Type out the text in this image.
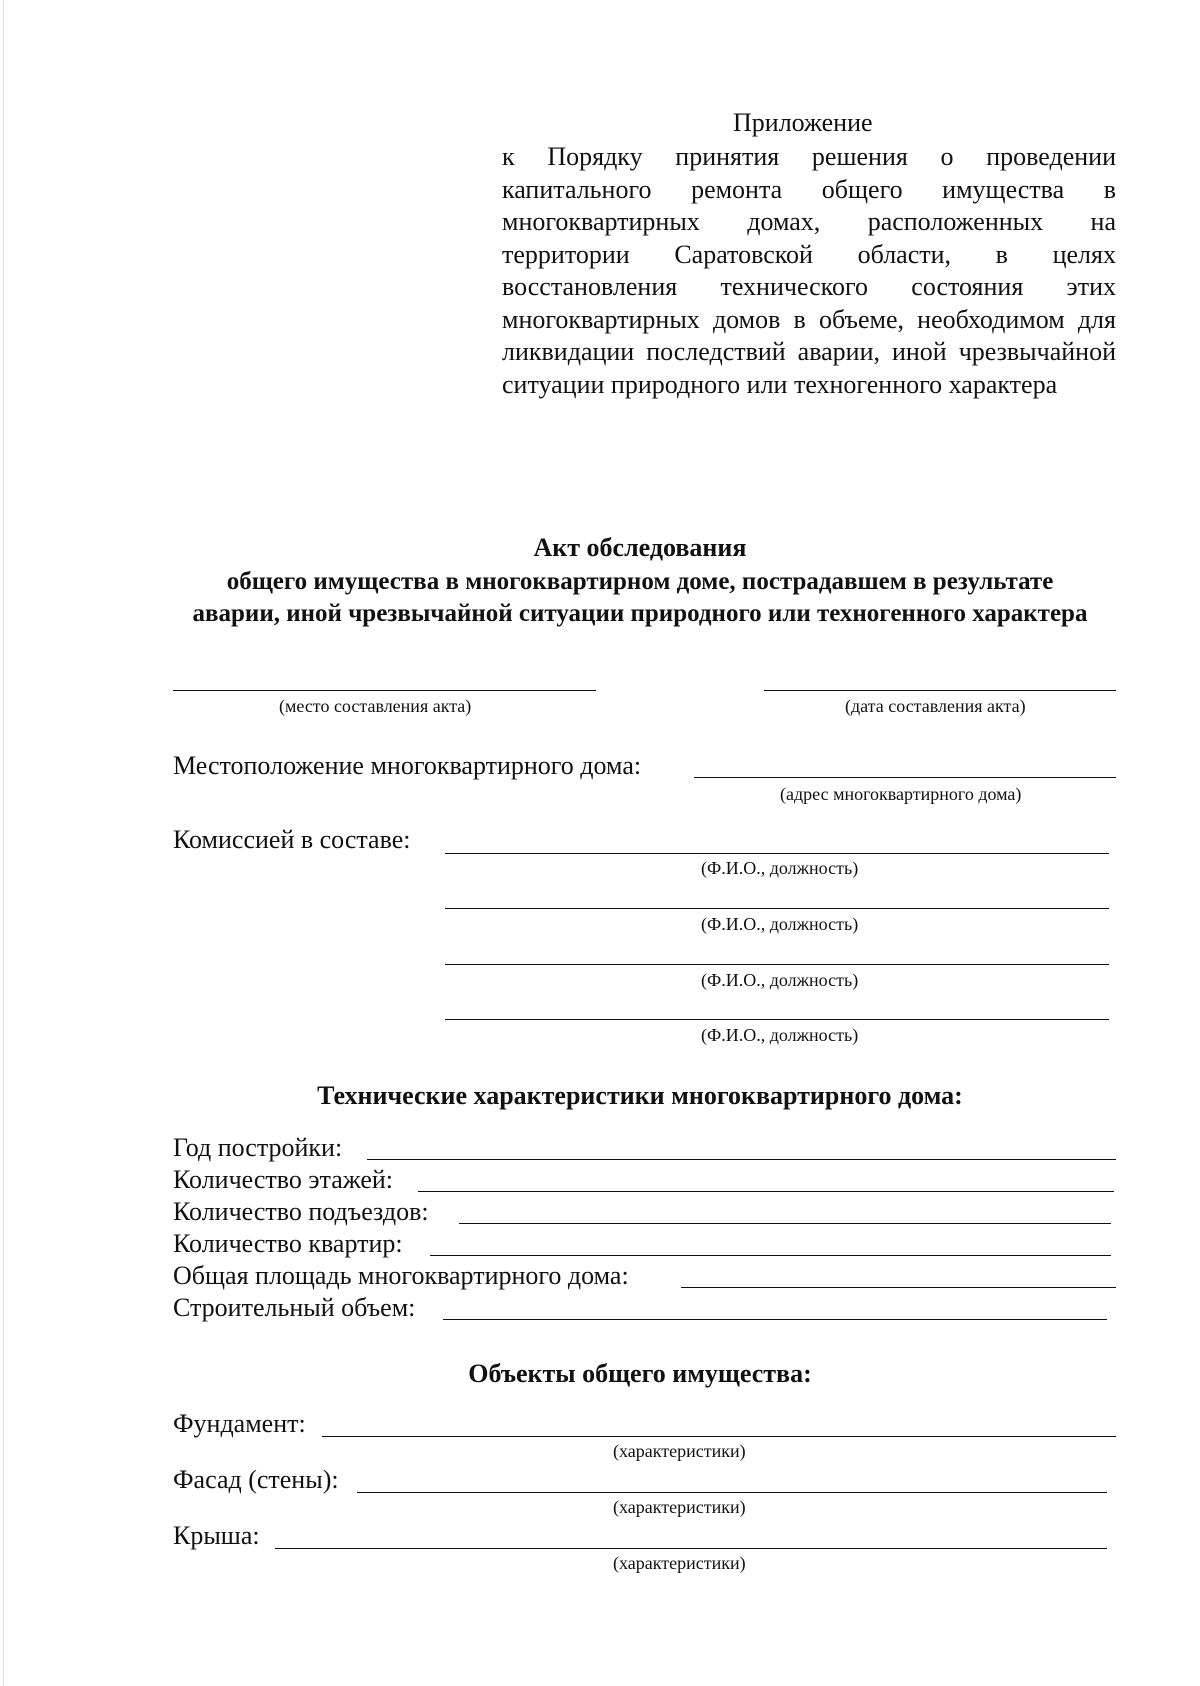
Приложение
к Порядку принятия решения о проведении капитального ремонта общего имущества в многоквартирных домах, расположенных на территории Саратовской области, в целях восстановления технического состояния этих многоквартирных домов в объеме, необходимом для ликвидации последствий аварии, иной чрезвычайной ситуации природного или техногенного характера
Акт обследования
общего имущества в многоквартирном доме, пострадавшем в результате
аварии, иной чрезвычайной ситуации природного или техногенного характера
(место составления акта)	(дата составления акта)
Местоположение многоквартирного дома:
(адрес многоквартирного дома)
Комиссией в составе:
(Ф.И.О., должность)
(Ф.И.О., должность)
(Ф.И.О., должность)
(Ф.И.О., должность)
Технические характеристики многоквартирного дома:
Год постройки:
Количество этажей:
Количество подъездов:
Количество квартир:
Общая площадь многоквартирного дома:
Строительный объем:
Объекты общего имущества:
Фундамент:
(характеристики)
Фасад (стены):
(характеристики)
Крыша:
(характеристики)
